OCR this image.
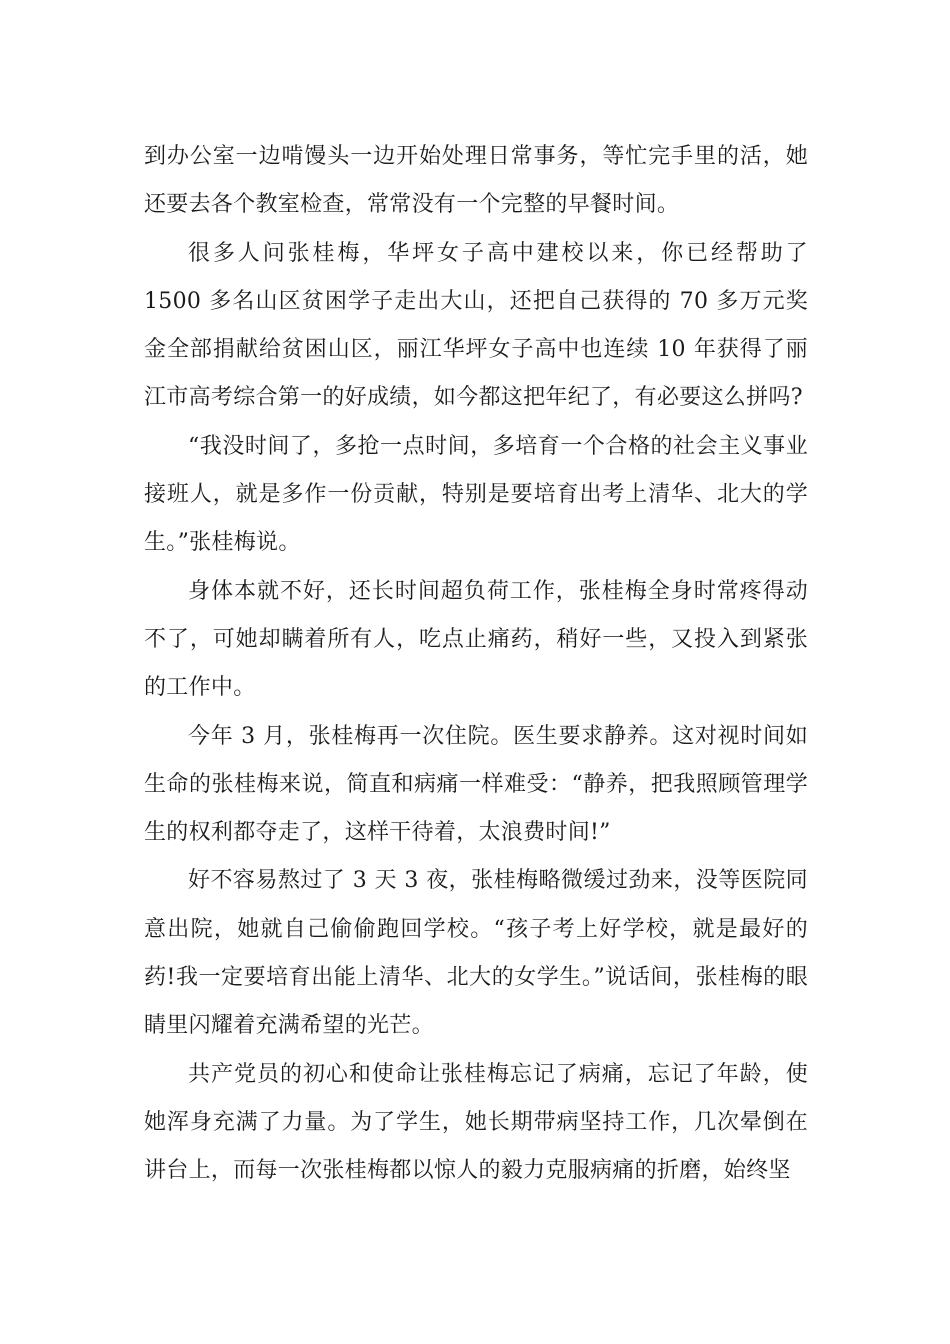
到办公室一边啃馒头一边开始处理日常事务，等忙完手里的活，她还要去各个教室检查，常常没有一个完整的早餐时间。

很多人问张桂梅，华坪女子高中建校以来，你已经帮助了 1500 多名山区贫困学子走出大山，还把自己获得的 70 多万元奖金全部捐献给贫困山区，丽江华坪女子高中也连续 10 年获得了丽江市高考综合第一的好成绩，如今都这把年纪了，有必要这么拼吗?

“我没时间了，多抢一点时间，多培育一个合格的社会主义事业接班人，就是多作一份贡献，特别是要培育出考上清华、北大的学生。”张桂梅说。

身体本就不好，还长时间超负荷工作，张桂梅全身时常疼得动不了，可她却瞒着所有人，吃点止痛药，稍好一些，又投入到紧张的工作中。

今年 3 月，张桂梅再一次住院。医生要求静养。这对视时间如生命的张桂梅来说，简直和病痛一样难受：“静养，把我照顾管理学生的权利都夺走了，这样干待着，太浪费时间!”

好不容易熬过了 3 天 3 夜，张桂梅略微缓过劲来，没等医院同意出院，她就自己偷偷跑回学校。“孩子考上好学校，就是最好的药!我一定要培育出能上清华、北大的女学生。”说话间，张桂梅的眼睛里闪耀着充满希望的光芒。

共产党员的初心和使命让张桂梅忘记了病痛，忘记了年龄，使她浑身充满了力量。为了学生，她长期带病坚持工作，几次晕倒在讲台上，而每一次张桂梅都以惊人的毅力克服病痛的折磨，始终坚
